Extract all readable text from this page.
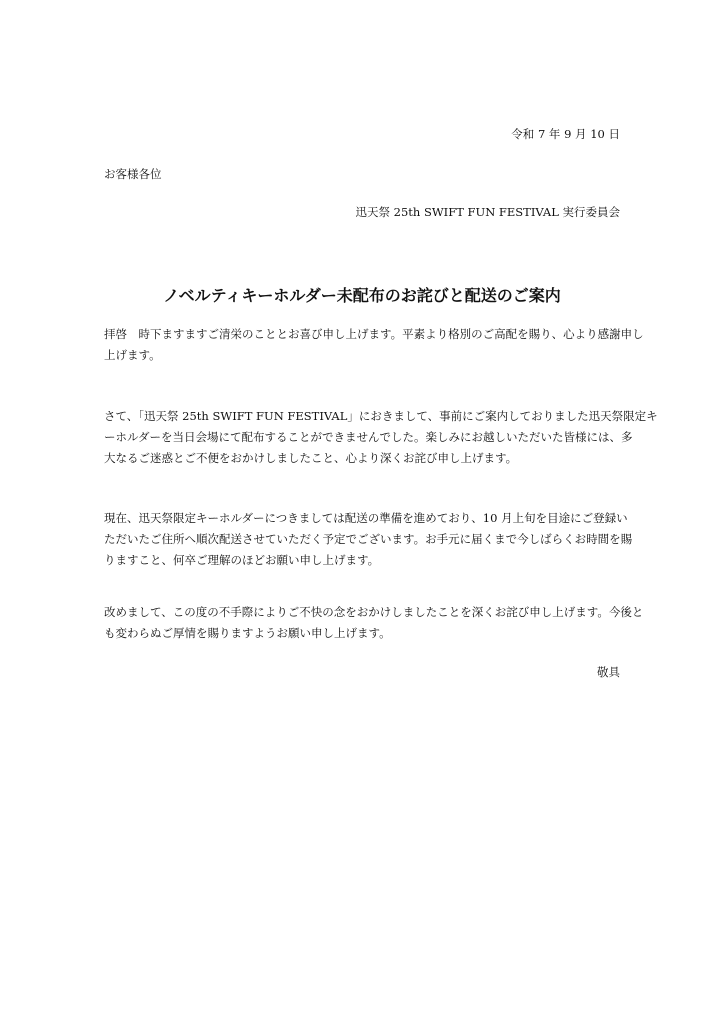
令和 7 年 9 月 10 日
お客様各位
迅天祭 25th SWIFT FUN FESTIVAL 実行委員会
ノベルティキーホルダー未配布のお詫びと配送のご案内

拝啓　時下ますますご清栄のこととお喜び申し上げます。平素より格別のご高配を賜り、心より感謝申し
上げます。

さて、「迅天祭 25th SWIFT FUN FESTIVAL」におきまして、事前にご案内しておりました迅天祭限定キ
ーホルダーを当日会場にて配布することができませんでした。楽しみにお越しいただいた皆様には、多
大なるご迷惑とご不便をおかけしましたこと、心より深くお詫び申し上げます。

現在、迅天祭限定キーホルダーにつきましては配送の準備を進めており、10 月上旬を目途にご登録い
ただいたご住所へ順次配送させていただく予定でございます。お手元に届くまで今しばらくお時間を賜
りますこと、何卒ご理解のほどお願い申し上げます。

改めまして、この度の不手際によりご不快の念をおかけしましたことを深くお詫び申し上げます。今後と
も変わらぬご厚情を賜りますようお願い申し上げます。

敬具
